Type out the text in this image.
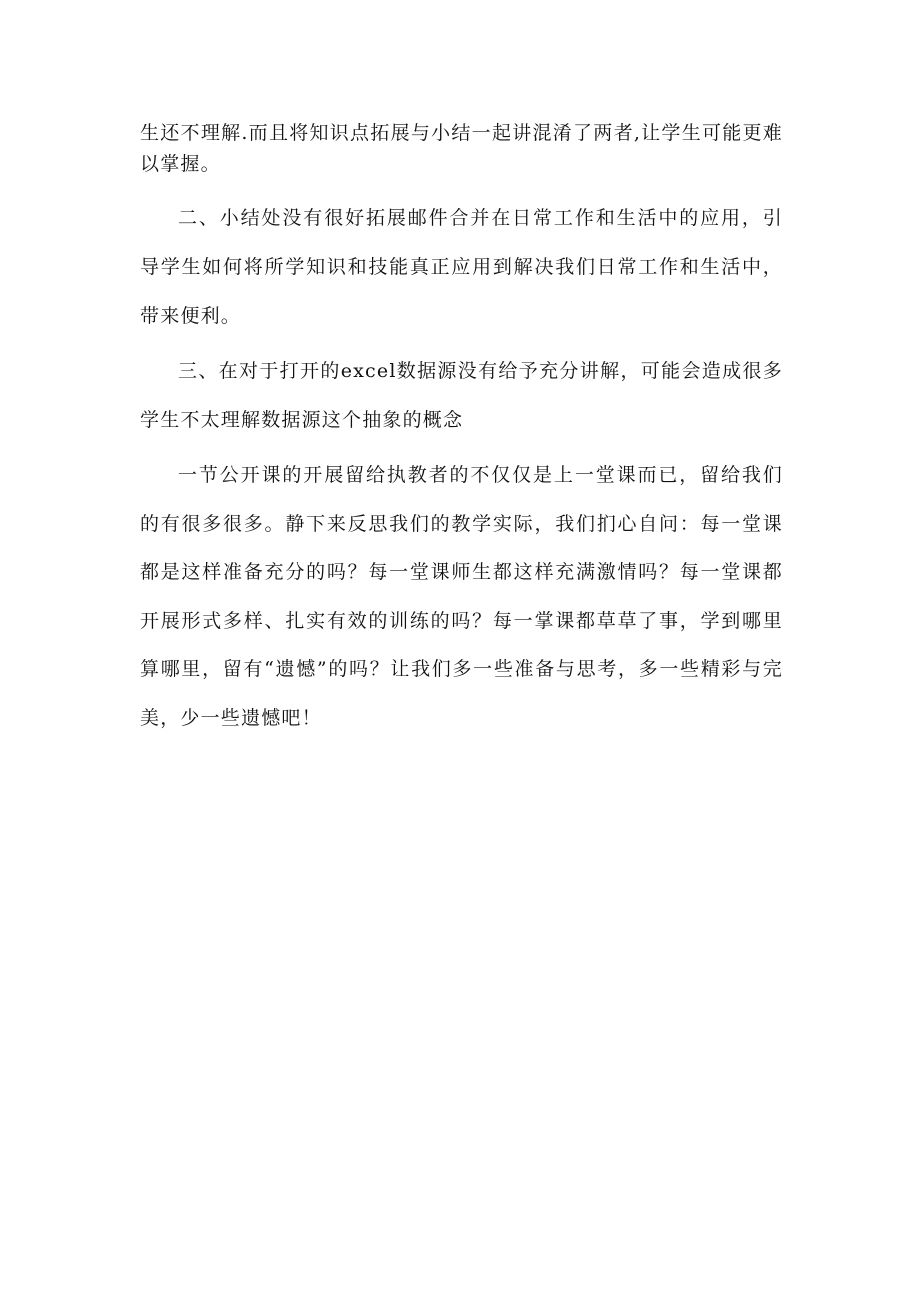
生还不理解.而且将知识点拓展与小结一起讲混淆了两者,让学生可能更难以掌握。

二、小结处没有很好拓展邮件合并在日常工作和生活中的应用，引导学生如何将所学知识和技能真正应用到解决我们日常工作和生活中，带来便利。

三、在对于打开的excel数据源没有给予充分讲解，可能会造成很多学生不太理解数据源这个抽象的概念

一节公开课的开展留给执教者的不仅仅是上一堂课而已，留给我们的有很多很多。静下来反思我们的教学实际，我们扪心自问：每一堂课都是这样准备充分的吗？每一堂课师生都这样充满激情吗？每一堂课都开展形式多样、扎实有效的训练的吗？每一掌课都草草了事，学到哪里算哪里，留有“遗憾”的吗？让我们多一些准备与思考，多一些精彩与完美，少一些遗憾吧！
